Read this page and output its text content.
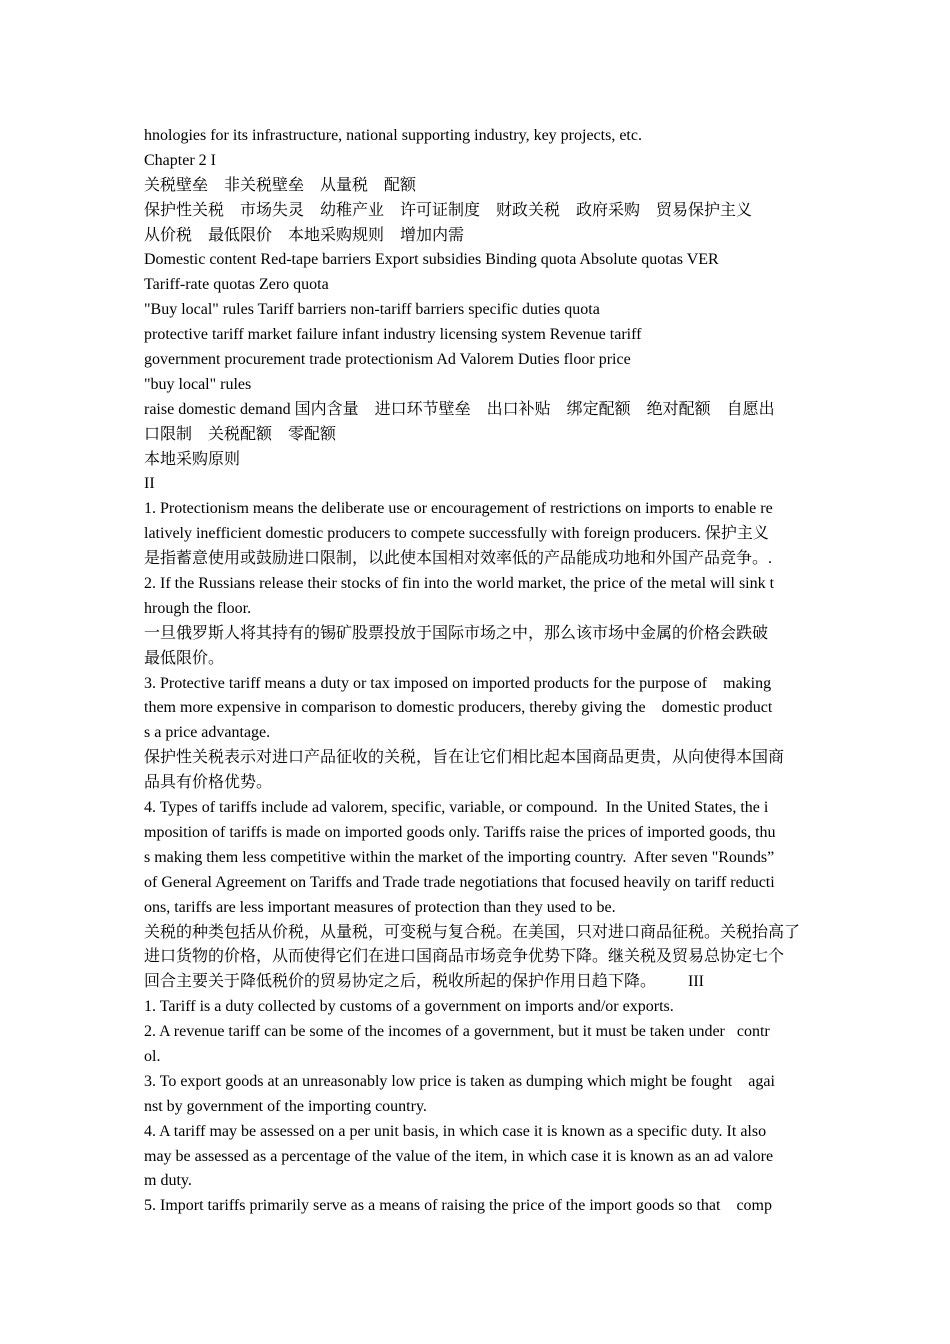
hnologies for its infrastructure, national supporting industry, key projects, etc.
Chapter 2 I
关税壁垒    非关税壁垒    从量税    配额
保护性关税    市场失灵    幼稚产业    许可证制度    财政关税    政府采购    贸易保护主义
从价税    最低限价    本地采购规则    增加内需
Domestic content Red-tape barriers Export subsidies Binding quota Absolute quotas VER
Tariff-rate quotas Zero quota
"Buy local" rules Tariff barriers non-tariff barriers specific duties quota
protective tariff market failure infant industry licensing system Revenue tariff
government procurement trade protectionism Ad Valorem Duties floor price
"buy local" rules
raise domestic demand 国内含量    进口环节壁垒    出口补贴    绑定配额    绝对配额    自愿出
口限制    关税配额    零配额
本地采购原则
II
1. Protectionism means the deliberate use or encouragement of restrictions on imports to enable re
latively inefficient domestic producers to compete successfully with foreign producers. 保护主义
是指蓄意使用或鼓励进口限制，以此使本国相对效率低的产品能成功地和外国产品竞争。.
2. If the Russians release their stocks of fin into the world market, the price of the metal will sink t
hrough the floor.
一旦俄罗斯人将其持有的锡矿股票投放于国际市场之中，那么该市场中金属的价格会跌破
最低限价。
3. Protective tariff means a duty or tax imposed on imported products for the purpose of    making
them more expensive in comparison to domestic producers, thereby giving the    domestic product
s a price advantage.
保护性关税表示对进口产品征收的关税，旨在让它们相比起本国商品更贵，从向使得本国商
品具有价格优势。
4. Types of tariffs include ad valorem, specific, variable, or compound.  In the United States, the i
mposition of tariffs is made on imported goods only. Tariffs raise the prices of imported goods, thu
s making them less competitive within the market of the importing country.  After seven "Rounds”
of General Agreement on Tariffs and Trade trade negotiations that focused heavily on tariff reducti
ons, tariffs are less important measures of protection than they used to be.
关税的种类包括从价税，从量税，可变税与复合税。在美国，只对进口商品征税。关税抬高了
进口货物的价格，从而使得它们在进口国商品市场竞争优势下降。继关税及贸易总协定七个
回合主要关于降低税价的贸易协定之后，税收所起的保护作用日趋下降。        III
1. Tariff is a duty collected by customs of a government on imports and/or exports.
2. A revenue tariff can be some of the incomes of a government, but it must be taken under   contr
ol.
3. To export goods at an unreasonably low price is taken as dumping which might be fought    agai
nst by government of the importing country.
4. A tariff may be assessed on a per unit basis, in which case it is known as a specific duty. It also
may be assessed as a percentage of the value of the item, in which case it is known as an ad valore
m duty.
5. Import tariffs primarily serve as a means of raising the price of the import goods so that    comp
